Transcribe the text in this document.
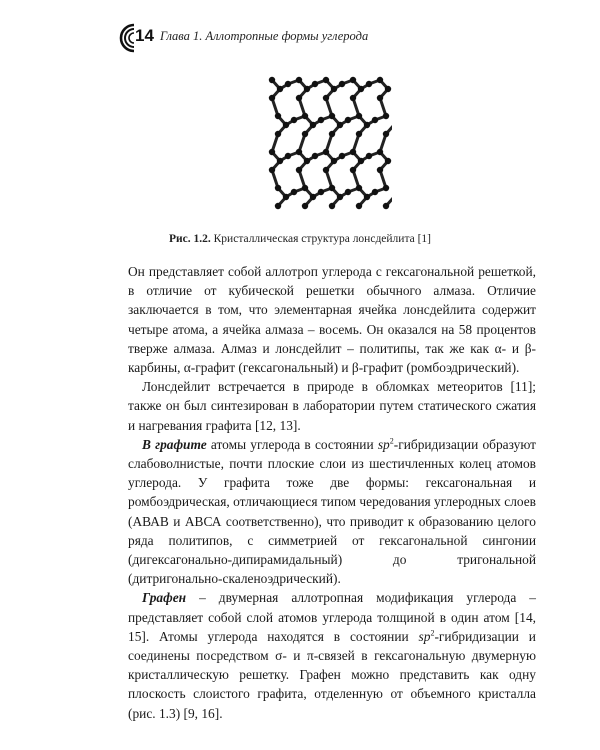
14 Глава 1. Аллотропные формы углерода
Рис. 1.2. Кристаллическая структура лонсдейлита [1]

Он представляет собой аллотроп углерода с гексагональной решеткой, в отличие от кубической решетки обычного алмаза. Отличие заключается в том, что элементарная ячейка лонсдейлита содержит четыре атома, а ячейка алмаза – восемь. Он оказался на 58 процентов тверже алмаза. Алмаз и лонсдейлит – политипы, так же как α- и β-карбины, α-графит (гексагональный) и β-графит (ромбоэдрический).

Лонсдейлит встречается в природе в обломках метеоритов [11]; также он был синтезирован в лаборатории путем статического сжатия и нагревания графита [12, 13].

В графите атомы углерода в состоянии $sp^2$-гибридизации образуют слабоволнистые, почти плоские слои из шестичленных колец атомов углерода. У графита тоже две формы: гексагональная и ромбоэдрическая, отличающиеся типом чередования углеродных слоев (АВАВ и АВСА соответственно), что приводит к образованию целого ряда политипов, с симметрией от гексагональной сингонии (дигексагонально-дипирамидальный) до тригональной (дитригонально-скаленоэдрический).

Графен – двумерная аллотропная модификация углерода – представляет собой слой атомов углерода толщиной в один атом [14, 15]. Атомы углерода находятся в состоянии $sp^2$-гибридизации и соединены посредством σ- и π-связей в гексагональную двумерную кристаллическую решетку. Графен можно представить как одну плоскость слоистого графита, отделенную от объемного кристалла (рис. 1.3) [9, 16].
